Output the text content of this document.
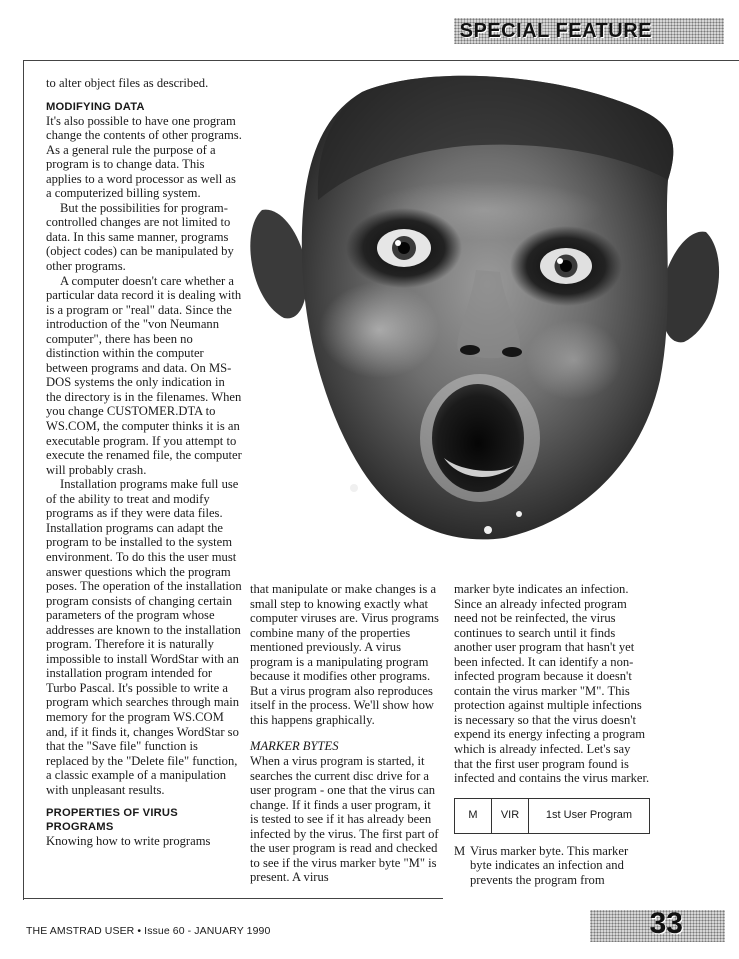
SPECIAL FEATURE

to alter object files as described.

MODIFYING DATA

It's also possible to have one program change the contents of other programs. As a general rule the purpose of a program is to change data. This applies to a word processor as well as a computerized billing system.

But the possibilities for program-controlled changes are not limited to data. In this same manner, programs (object codes) can be manipulated by other programs.

A computer doesn't care whether a particular data record it is dealing with is a program or "real" data. Since the introduction of the "von Neumann computer", there has been no distinction within the computer between programs and data. On MS-DOS systems the only indication in the directory is in the filenames. When you change CUSTOMER.DTA to WS.COM, the computer thinks it is an executable program. If you attempt to execute the renamed file, the computer will probably crash.

Installation programs make full use of the ability to treat and modify programs as if they were data files. Installation programs can adapt the program to be installed to the system environment. To do this the user must answer questions which the program poses. The operation of the installation program consists of changing certain parameters of the program whose addresses are known to the installation program. Therefore it is naturally impossible to install WordStar with an installation program intended for Turbo Pascal. It's possible to write a program which searches through main memory for the program WS.COM and, if it finds it, changes WordStar so that the "Save file" function is replaced by the "Delete file" function, a classic example of a manipulation with unpleasant results.

PROPERTIES OF VIRUS PROGRAMS

Knowing how to write programs

that manipulate or make changes is a small step to knowing exactly what computer viruses are. Virus programs combine many of the properties mentioned previously. A virus program is a manipulating program because it modifies other programs. But a virus program also reproduces itself in the process. We'll show how this happens graphically.

MARKER BYTES

When a virus program is started, it searches the current disc drive for a user program - one that the virus can change. If it finds a user program, it is tested to see if it has already been infected by the virus. The first part of the user program is read and checked to see if the virus marker byte "M" is present. A virus

marker byte indicates an infection. Since an already infected program need not be reinfected, the virus continues to search until it finds another user program that hasn't yet been infected. It can identify a non-infected program because it doesn't contain the virus marker "M". This protection against multiple infections is necessary so that the virus doesn't expend its energy infecting a program which is already infected. Let's say that the first user program found is infected and contains the virus marker.

M	VIR	1st User Program
M Virus marker byte. This marker byte indicates an infection and prevents the program from
THE AMSTRAD USER • Issue 60 - JANUARY 1990	33
